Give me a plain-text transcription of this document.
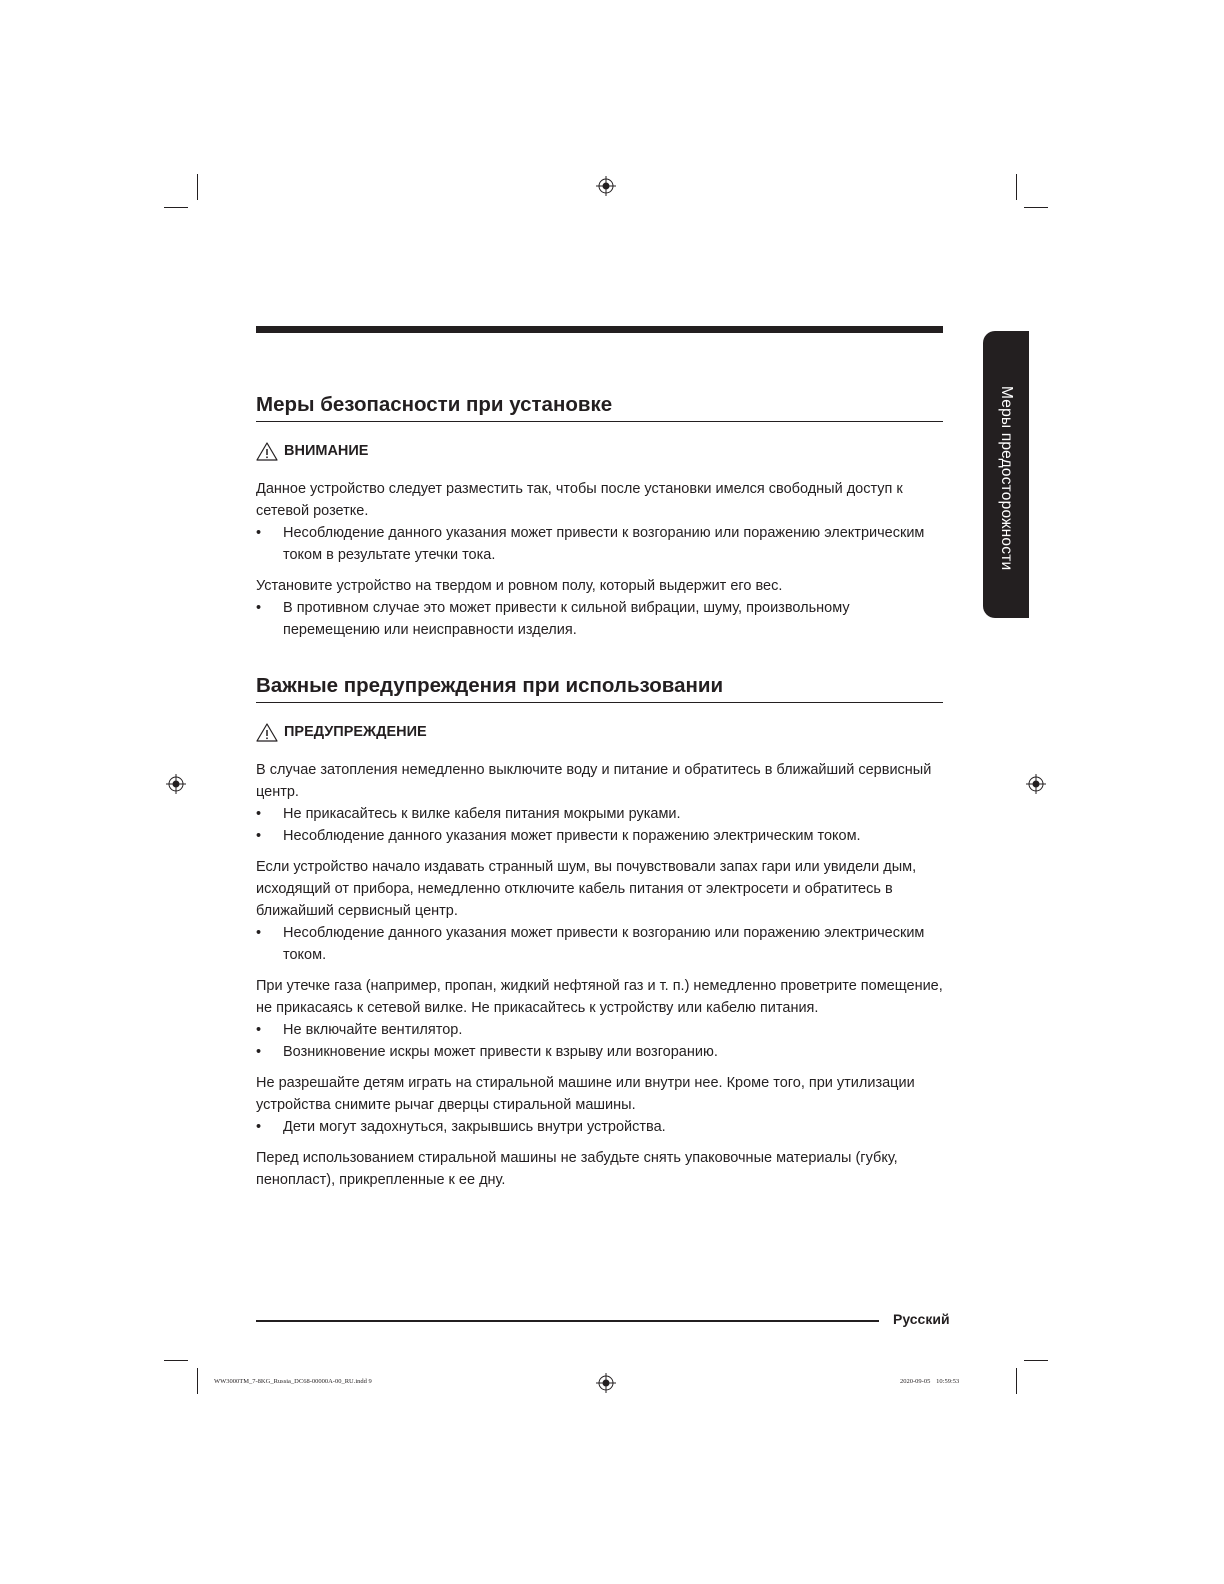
Меры предосторожности
Меры безопасности при установке
ВНИМАНИЕ

Данное устройство следует разместить так, чтобы после установки имелся свободный доступ к сетевой розетке.

• Несоблюдение данного указания может привести к возгоранию или поражению электрическим током в результате утечки тока.

Установите устройство на твердом и ровном полу, который выдержит его вес.

• В противном случае это может привести к сильной вибрации, шуму, произвольному перемещению или неисправности изделия.
Важные предупреждения при использовании
ПРЕДУПРЕЖДЕНИЕ

В случае затопления немедленно выключите воду и питание и обратитесь в ближайший сервисный центр.

• Не прикасайтесь к вилке кабеля питания мокрыми руками.
• Несоблюдение данного указания может привести к поражению электрическим током.

Если устройство начало издавать странный шум, вы почувствовали запах гари или увидели дым, исходящий от прибора, немедленно отключите кабель питания от электросети и обратитесь в ближайший сервисный центр.

• Несоблюдение данного указания может привести к возгоранию или поражению электрическим током.

При утечке газа (например, пропан, жидкий нефтяной газ и т. п.) немедленно проветрите помещение, не прикасаясь к сетевой вилке. Не прикасайтесь к устройству или кабелю питания.

• Не включайте вентилятор.
• Возникновение искры может привести к взрыву или возгоранию.

Не разрешайте детям играть на стиральной машине или внутри нее. Кроме того, при утилизации устройства снимите рычаг дверцы стиральной машины.

• Дети могут задохнуться, закрывшись внутри устройства.

Перед использованием стиральной машины не забудьте снять упаковочные материалы (губку, пенопласт), прикрепленные к ее дну.

Русский
WW3000TM_7-8KG_Russia_DC68-00000A-00_RU.indd 9	2020-09-05    10:59:53
